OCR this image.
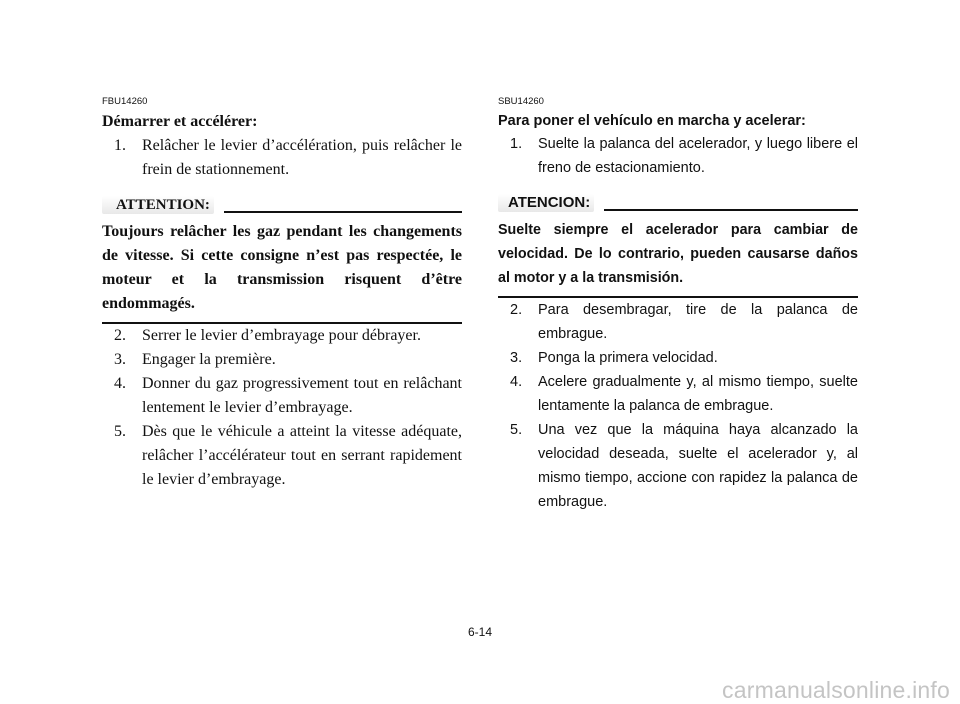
FBU14260
Démarrer et accélérer:
1. Relâcher le levier d’accélération, puis relâcher le frein de stationnement.
ATTENTION:
Toujours relâcher les gaz pendant les changements de vitesse. Si cette consigne n’est pas respectée, le moteur et la transmission risquent d’être endommagés.
2. Serrer le levier d’embrayage pour débrayer.
3. Engager la première.
4. Donner du gaz progressivement tout en relâchant lentement le levier d’embrayage.
5. Dès que le véhicule a atteint la vitesse adéquate, relâcher l’accélérateur tout en serrant rapidement le levier d’embrayage.
SBU14260
Para poner el vehículo en marcha y acelerar:
1. Suelte la palanca del acelerador, y luego libere el freno de estacionamiento.
ATENCION:
Suelte siempre el acelerador para cambiar de velocidad. De lo contrario, pueden causarse daños al motor y a la transmisión.
2. Para desembragar, tire de la palanca de embrague.
3. Ponga la primera velocidad.
4. Acelere gradualmente y, al mismo tiempo, suelte lentamente la palanca de embrague.
5. Una vez que la máquina haya alcanzado la velocidad deseada, suelte el acelerador y, al mismo tiempo, accione con rapidez la palanca de embrague.
6-14
carmanualsonline.info
